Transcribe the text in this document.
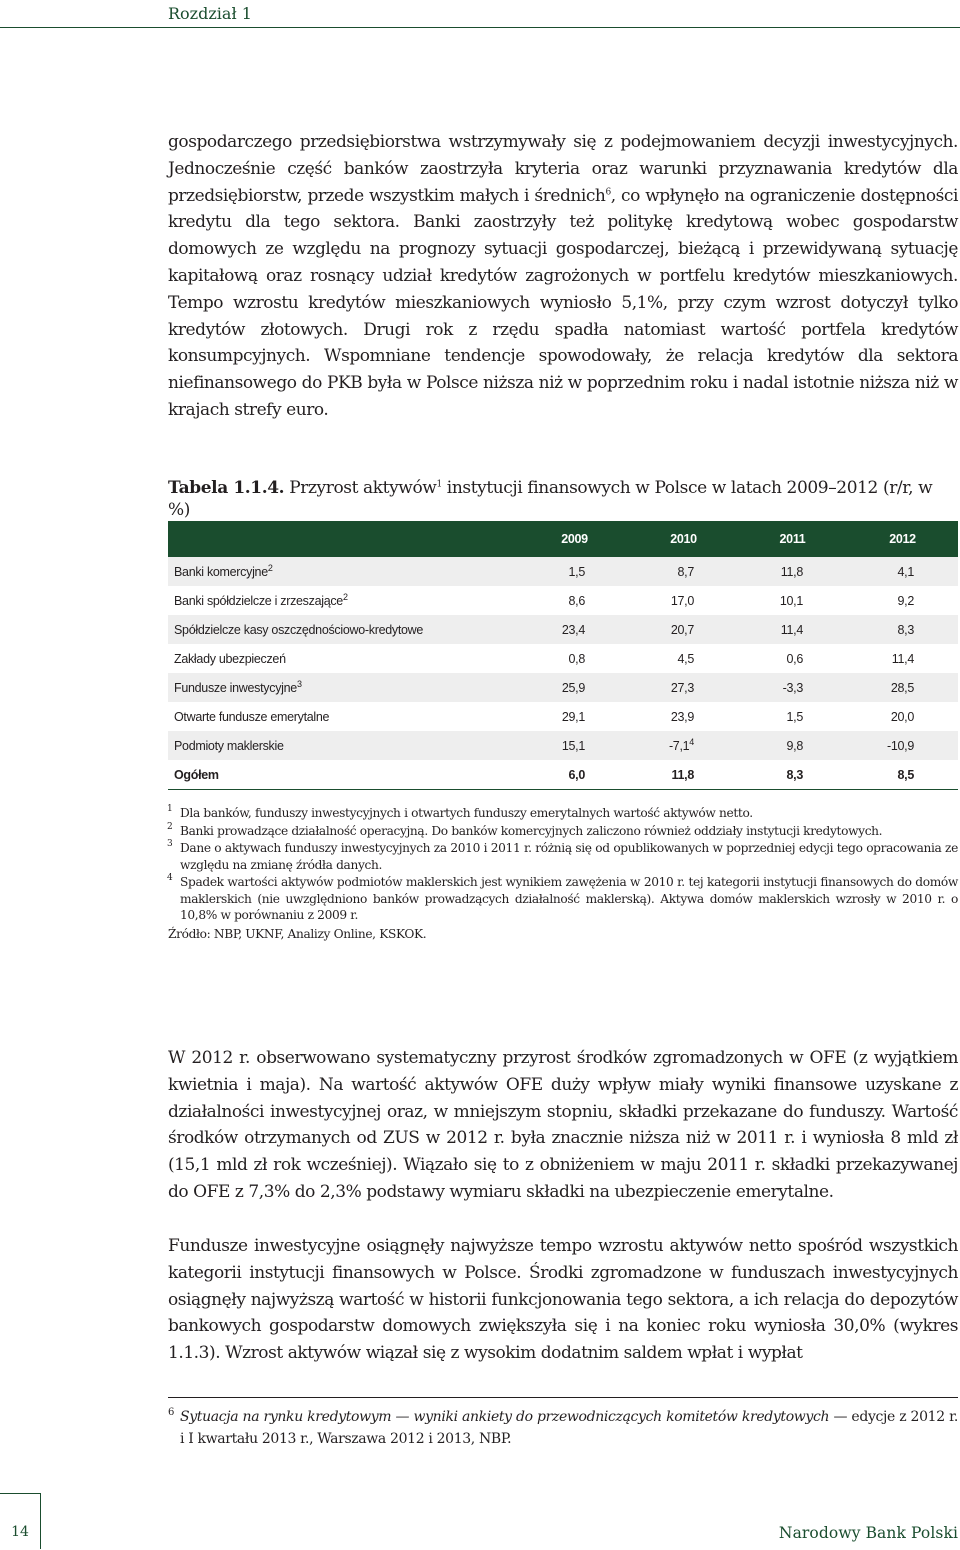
Rozdział 1
gospodarczego przedsiębiorstwa wstrzymywały się z podejmowaniem decyzji inwestycyjnych. Jednocześnie część banków zaostrzyła kryteria oraz warunki przyznawania kredytów dla przedsiębiorstw, przede wszystkim małych i średnich$^6$, co wpłynęło na ograniczenie dostępności kredytu dla tego sektora. Banki zaostrzyły też politykę kredytową wobec gospodarstw domowych ze względu na prognozy sytuacji gospodarczej, bieżącą i przewidywaną sytuację kapitałową oraz rosnący udział kredytów zagrożonych w portfelu kredytów mieszkaniowych. Tempo wzrostu kredytów mieszkaniowych wyniosło 5,1%, przy czym wzrost dotyczył tylko kredytów złotowych. Drugi rok z rzędu spadła natomiast wartość portfela kredytów konsumpcyjnych. Wspomniane tendencje spowodowały, że relacja kredytów dla sektora niefinansowego do PKB była w Polsce niższa niż w poprzednim roku i nadal istotnie niższa niż w krajach strefy euro.
Tabela 1.1.4. Przyrost aktywów$^1$ instytucji finansowych w Polsce w latach 2009–2012 (r/r, w %)
	2009	2010	2011	2012
Banki komercyjne$^2$	1,5	8,7	11,8	4,1
Banki spółdzielcze i zrzeszające$^2$	8,6	17,0	10,1	9,2
Spółdzielcze kasy oszczędnościowo-kredytowe	23,4	20,7	11,4	8,3
Zakłady ubezpieczeń	0,8	4,5	0,6	11,4
Fundusze inwestycyjne$^3$	25,9	27,3	-3,3	28,5
Otwarte fundusze emerytalne	29,1	23,9	1,5	20,0
Podmioty maklerskie	15,1	$-7,1^4$	9,8	-10,9
Ogółem	6,0	11,8	8,3	8,5
1 Dla banków, funduszy inwestycyjnych i otwartych funduszy emerytalnych wartość aktywów netto.
2 Banki prowadzące działalność operacyjną. Do banków komercyjnych zaliczono również oddziały instytucji kredytowych.
3 Dane o aktywach funduszy inwestycyjnych za 2010 i 2011 r. różnią się od opublikowanych w poprzedniej edycji tego opracowania ze względu na zmianę źródła danych.
4 Spadek wartości aktywów podmiotów maklerskich jest wynikiem zawężenia w 2010 r. tej kategorii instytucji finansowych do domów maklerskich (nie uwzględniono banków prowadzących działalność maklerską). Aktywa domów maklerskich wzrosły w 2010 r. o 10,8% w porównaniu z 2009 r.
Źródło: NBP, UKNF, Analizy Online, KSKOK.
W 2012 r. obserwowano systematyczny przyrost środków zgromadzonych w OFE (z wyjątkiem kwietnia i maja). Na wartość aktywów OFE duży wpływ miały wyniki finansowe uzyskane z działalności inwestycyjnej oraz, w mniejszym stopniu, składki przekazane do funduszy. Wartość środków otrzymanych od ZUS w 2012 r. była znacznie niższa niż w 2011 r. i wyniosła 8 mld zł (15,1 mld zł rok wcześniej). Wiązało się to z obniżeniem w maju 2011 r. składki przekazywanej do OFE z 7,3% do 2,3% podstawy wymiaru składki na ubezpieczenie emerytalne.
Fundusze inwestycyjne osiągnęły najwyższe tempo wzrostu aktywów netto spośród wszystkich kategorii instytucji finansowych w Polsce. Środki zgromadzone w funduszach inwestycyjnych osiągnęły najwyższą wartość w historii funkcjonowania tego sektora, a ich relacja do depozytów bankowych gospodarstw domowych zwiększyła się i na koniec roku wyniosła 30,0% (wykres 1.1.3). Wzrost aktywów wiązał się z wysokim dodatnim saldem wpłat i wypłat
6 Sytuacja na rynku kredytowym — wyniki ankiety do przewodniczących komitetów kredytowych — edycje z 2012 r. i I kwartału 2013 r., Warszawa 2012 i 2013, NBP.
14	Narodowy Bank Polski
